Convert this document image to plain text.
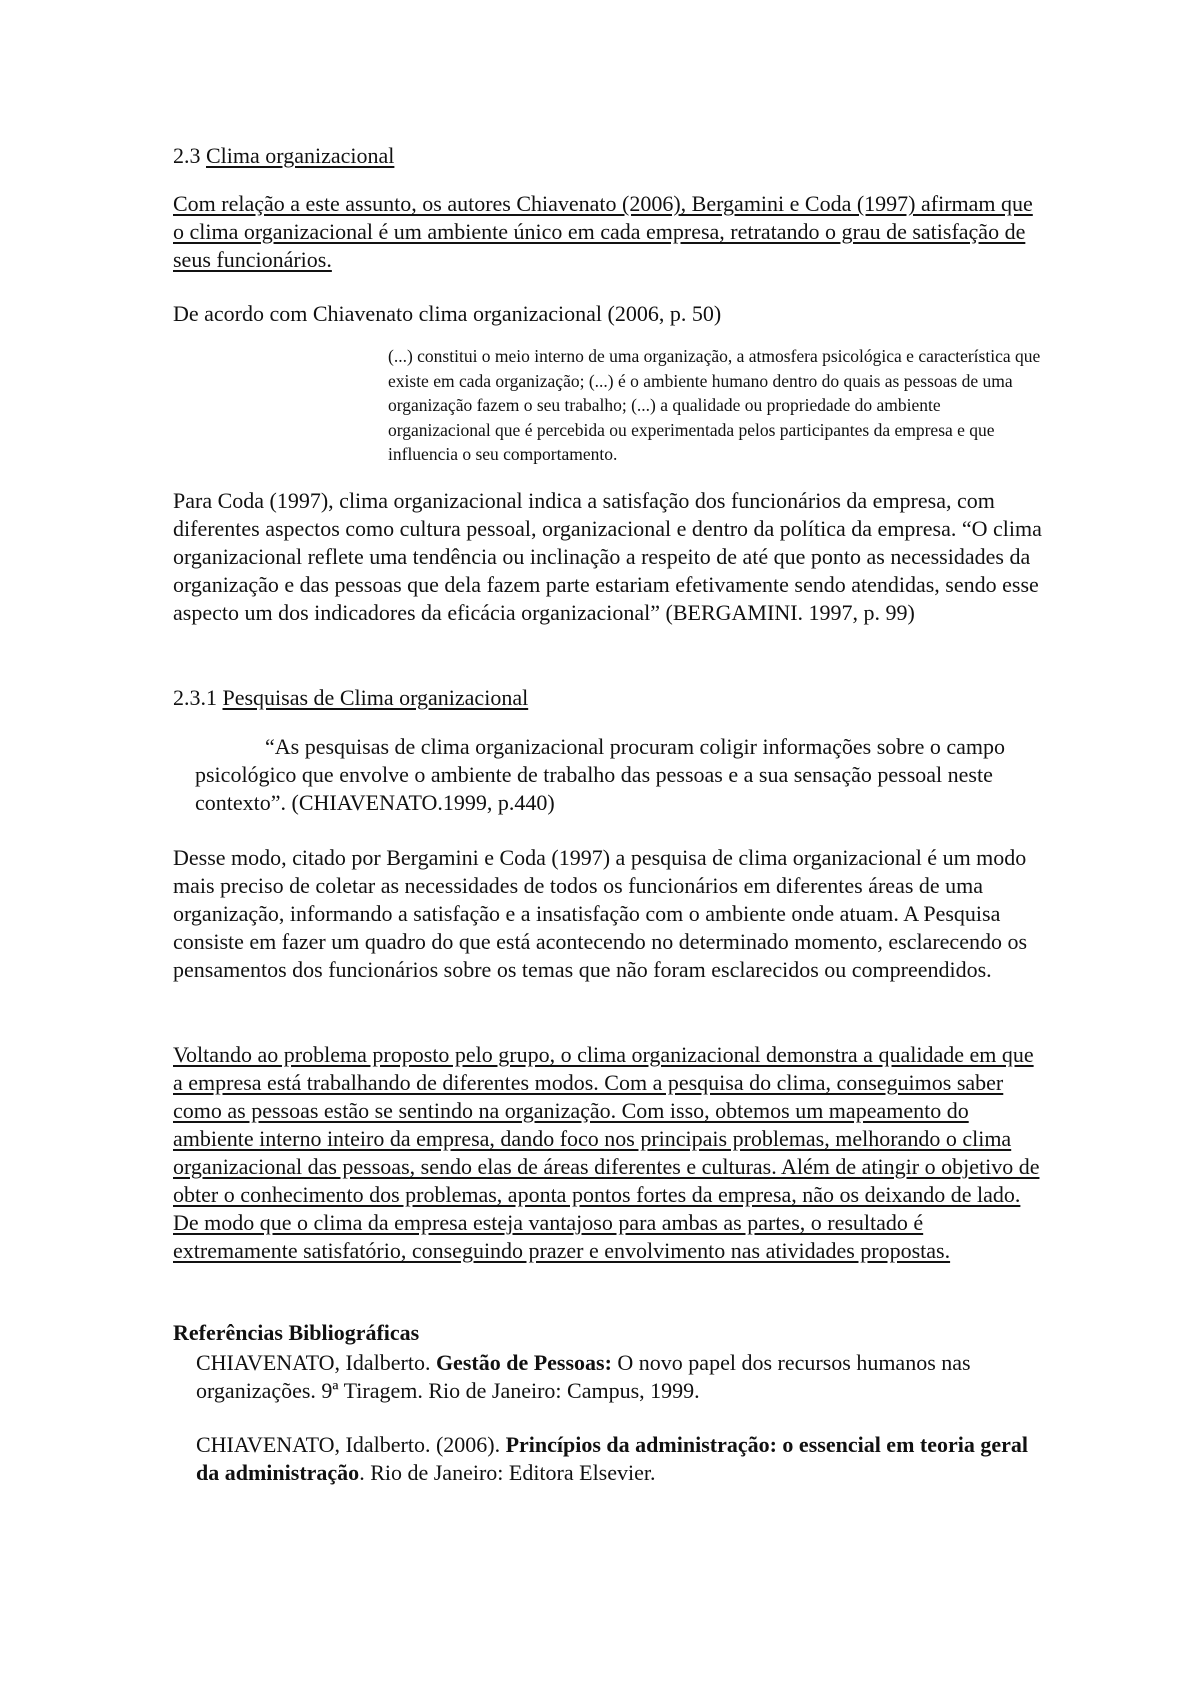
2.3 Clima organizacional
Com relação a este assunto, os autores Chiavenato (2006), Bergamini e Coda (1997) afirmam que o clima organizacional é um ambiente único em cada empresa, retratando o grau de satisfação de seus funcionários.
De acordo com Chiavenato clima organizacional (2006, p. 50)
(...) constitui o meio interno de uma organização, a atmosfera psicológica e característica que existe em cada organização; (...) é o ambiente humano dentro do quais as pessoas de uma organização fazem o seu trabalho; (...) a qualidade ou propriedade do ambiente organizacional que é percebida ou experimentada pelos participantes da empresa e que influencia o seu comportamento.
Para Coda (1997), clima organizacional indica a satisfação dos funcionários da empresa, com diferentes aspectos como cultura pessoal, organizacional e dentro da política da empresa. “O clima organizacional reflete uma tendência ou inclinação a respeito de até que ponto as necessidades da organização e das pessoas que dela fazem parte estariam efetivamente sendo atendidas, sendo esse aspecto um dos indicadores da eficácia organizacional” (BERGAMINI. 1997, p. 99)
2.3.1 Pesquisas de Clima organizacional
“As pesquisas de clima organizacional procuram coligir informações sobre o campo psicológico que envolve o ambiente de trabalho das pessoas e a sua sensação pessoal neste contexto”. (CHIAVENATO.1999, p.440)
Desse modo, citado por Bergamini e Coda (1997) a pesquisa de clima organizacional é um modo mais preciso de coletar as necessidades de todos os funcionários em diferentes áreas de uma organização, informando a satisfação e a insatisfação com o ambiente onde atuam. A Pesquisa consiste em fazer um quadro do que está acontecendo no determinado momento, esclarecendo os pensamentos dos funcionários sobre os temas que não foram esclarecidos ou compreendidos.
Voltando ao problema proposto pelo grupo, o clima organizacional demonstra a qualidade em que a empresa está trabalhando de diferentes modos. Com a pesquisa do clima, conseguimos saber como as pessoas estão se sentindo na organização. Com isso, obtemos um mapeamento do ambiente interno inteiro da empresa, dando foco nos principais problemas, melhorando o clima organizacional das pessoas, sendo elas de áreas diferentes e culturas. Além de atingir o objetivo de obter o conhecimento dos problemas, aponta pontos fortes da empresa, não os deixando de lado. De modo que o clima da empresa esteja vantajoso para ambas as partes, o resultado é extremamente satisfatório, conseguindo prazer e envolvimento nas atividades propostas.
Referências Bibliográficas
CHIAVENATO, Idalberto. Gestão de Pessoas: O novo papel dos recursos humanos nas organizações. 9ª Tiragem. Rio de Janeiro: Campus, 1999.
CHIAVENATO, Idalberto. (2006). Princípios da administração: o essencial em teoria geral da administração. Rio de Janeiro: Editora Elsevier.
